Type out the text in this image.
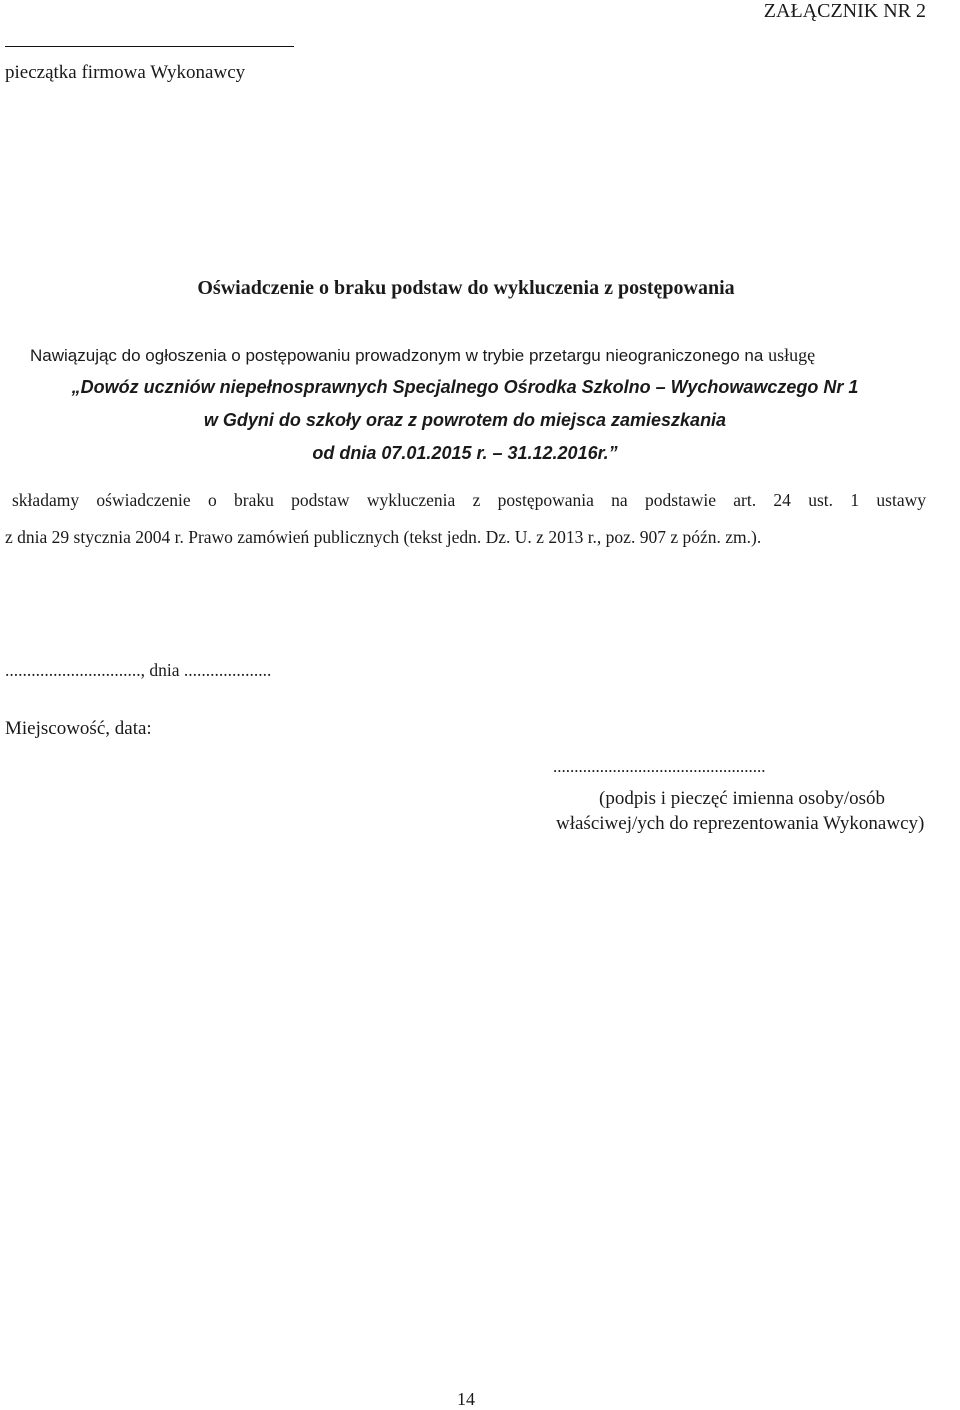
ZAŁĄCZNIK NR 2
pieczątka firmowa Wykonawcy
Oświadczenie o braku podstaw do wykluczenia z postępowania
Nawiązując do ogłoszenia o postępowaniu prowadzonym w trybie przetargu nieograniczonego na usługę
„Dowóz uczniów niepełnosprawnych Specjalnego Ośrodka Szkolno – Wychowawczego Nr 1
w Gdyni do szkoły oraz z powrotem do miejsca zamieszkania
od dnia 07.01.2015 r. – 31.12.2016r.”
składamy oświadczenie o braku podstaw wykluczenia z postępowania na podstawie art. 24 ust. 1 ustawy
z dnia 29 stycznia 2004 r. Prawo zamówień publicznych (tekst jedn. Dz. U. z 2013 r., poz. 907 z późn. zm.).
..............................., dnia ....................
Miejscowość, data:
..................................................
(podpis i pieczęć imienna osoby/osób
właściwej/ych do reprezentowania Wykonawcy)
14
